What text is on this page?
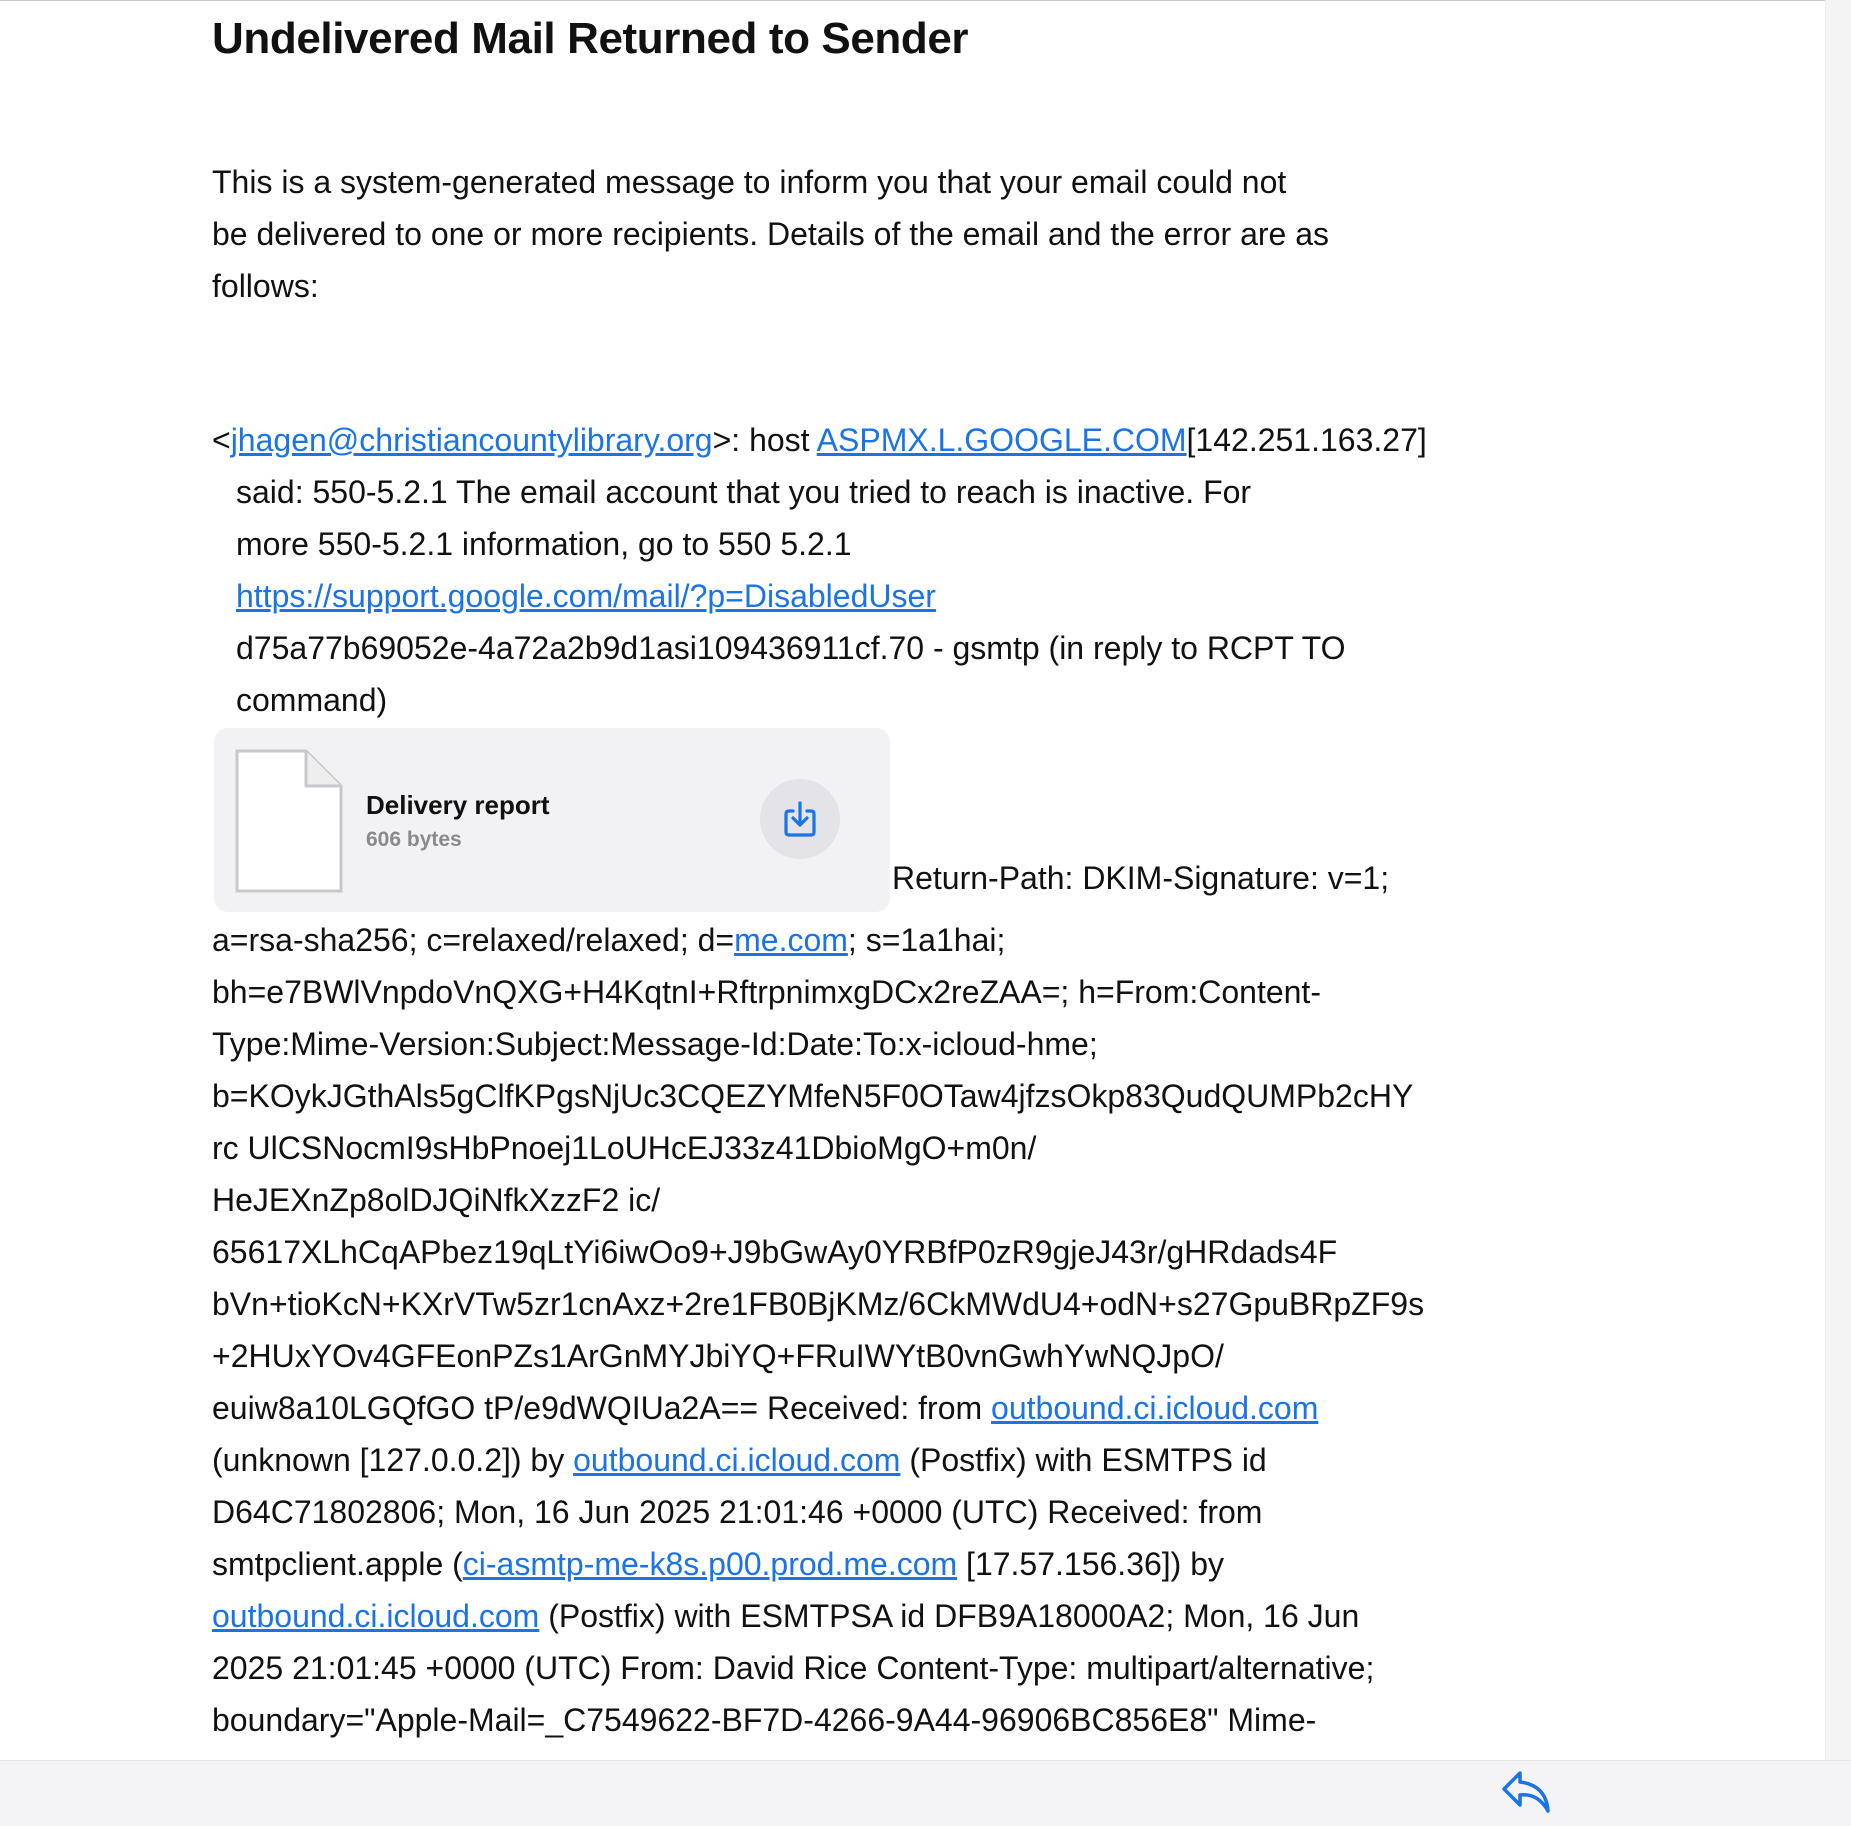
Undelivered Mail Returned to Sender

This is a system-generated message to inform you that your email could not

be delivered to one or more recipients. Details of the email and the error are as

follows:

<jhagen@christiancountylibrary.org>: host ASPMX.L.GOOGLE.COM[142.251.163.27]
said: 550-5.2.1 The email account that you tried to reach is inactive. For
more 550-5.2.1 information, go to 550 5.2.1
https://support.google.com/mail/?p=DisabledUser
d75a77b69052e-4a72a2b9d1asi109436911cf.70 - gsmtp (in reply to RCPT TO
command)
Delivery report
606 bytes
Return-Path: DKIM-Signature: v=1;
a=rsa-sha256; c=relaxed/relaxed; d=me.com; s=1a1hai;
bh=e7BWlVnpdoVnQXG+H4KqtnI+RftrpnimxgDCx2reZAA=; h=From:Content-
Type:Mime-Version:Subject:Message-Id:Date:To:x-icloud-hme;
b=KOykJGthAls5gClfKPgsNjUc3CQEZYMfeN5F0OTaw4jfzsOkp83QudQUMPb2cHY
rc UlCSNocmI9sHbPnoej1LoUHcEJ33z41DbioMgO+m0n/
HeJEXnZp8olDJQiNfkXzzF2 ic/
65617XLhCqAPbez19qLtYi6iwOo9+J9bGwAy0YRBfP0zR9gjeJ43r/gHRdads4F
bVn+tioKcN+KXrVTw5zr1cnAxz+2re1FB0BjKMz/6CkMWdU4+odN+s27GpuBRpZF9s
+2HUxYOv4GFEonPZs1ArGnMYJbiYQ+FRuIWYtB0vnGwhYwNQJpO/
euiw8a10LGQfGO tP/e9dWQIUa2A== Received: from outbound.ci.icloud.com
(unknown [127.0.0.2]) by outbound.ci.icloud.com (Postfix) with ESMTPS id
D64C71802806; Mon, 16 Jun 2025 21:01:46 +0000 (UTC) Received: from
smtpclient.apple (ci-asmtp-me-k8s.p00.prod.me.com [17.57.156.36]) by
outbound.ci.icloud.com (Postfix) with ESMTPSA id DFB9A18000A2; Mon, 16 Jun
2025 21:01:45 +0000 (UTC) From: David Rice Content-Type: multipart/alternative;
boundary="Apple-Mail=_C7549622-BF7D-4266-9A44-96906BC856E8" Mime-
